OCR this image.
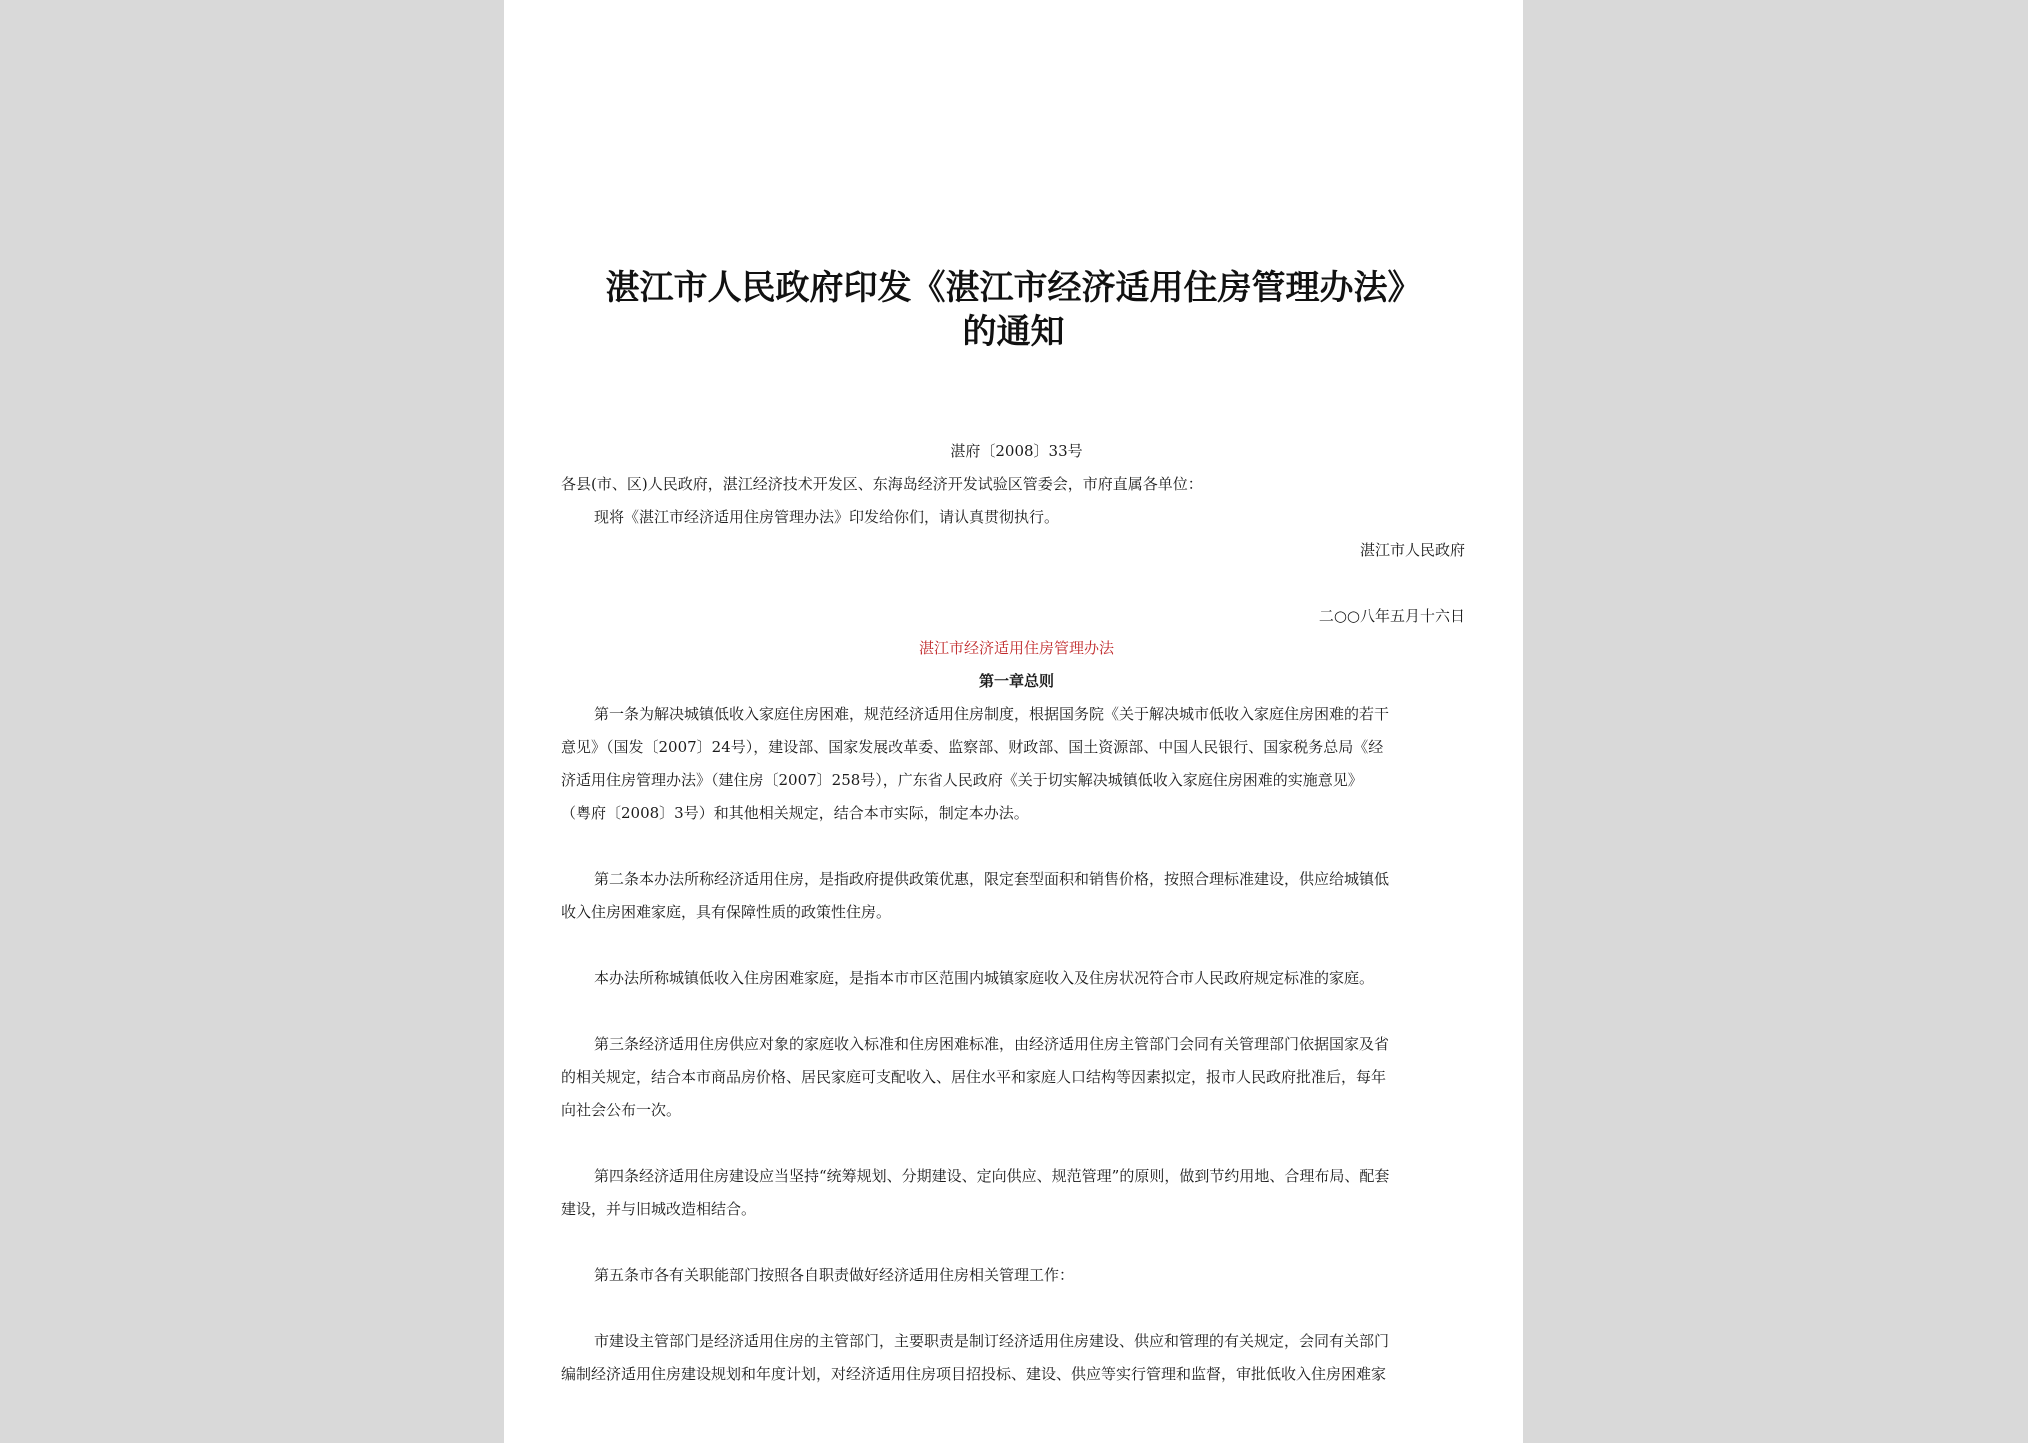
湛江市人民政府印发《湛江市经济适用住房管理办法》
的通知

湛府〔2008〕33号

各县(市、区)人民政府，湛江经济技术开发区、东海岛经济开发试验区管委会，市府直属各单位：

现将《湛江市经济适用住房管理办法》印发给你们，请认真贯彻执行。

湛江市人民政府

二○○八年五月十六日

湛江市经济适用住房管理办法

第一章总则

第一条为解决城镇低收入家庭住房困难，规范经济适用住房制度，根据国务院《关于解决城市低收入家庭住房困难的若干

意见》（国发〔2007〕24号），建设部、国家发展改革委、监察部、财政部、国土资源部、中国人民银行、国家税务总局《经

济适用住房管理办法》（建住房〔2007〕258号），广东省人民政府《关于切实解决城镇低收入家庭住房困难的实施意见》

（粤府〔2008〕3号）和其他相关规定，结合本市实际，制定本办法。

第二条本办法所称经济适用住房，是指政府提供政策优惠，限定套型面积和销售价格，按照合理标准建设，供应给城镇低

收入住房困难家庭，具有保障性质的政策性住房。

本办法所称城镇低收入住房困难家庭，是指本市市区范围内城镇家庭收入及住房状况符合市人民政府规定标准的家庭。

第三条经济适用住房供应对象的家庭收入标准和住房困难标准，由经济适用住房主管部门会同有关管理部门依据国家及省

的相关规定，结合本市商品房价格、居民家庭可支配收入、居住水平和家庭人口结构等因素拟定，报市人民政府批准后，每年

向社会公布一次。

第四条经济适用住房建设应当坚持“统筹规划、分期建设、定向供应、规范管理”的原则，做到节约用地、合理布局、配套

建设，并与旧城改造相结合。

第五条市各有关职能部门按照各自职责做好经济适用住房相关管理工作：

市建设主管部门是经济适用住房的主管部门，主要职责是制订经济适用住房建设、供应和管理的有关规定，会同有关部门

编制经济适用住房建设规划和年度计划，对经济适用住房项目招投标、建设、供应等实行管理和监督，审批低收入住房困难家
